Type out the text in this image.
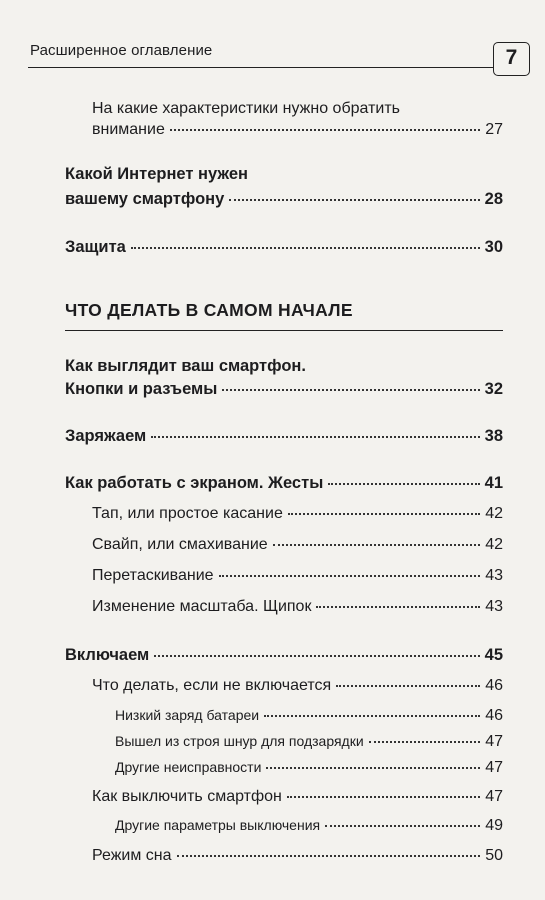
Расширенное оглавление	7
На какие характеристики нужно обратить
внимание	27
Какой Интернет нужен
вашему смартфону	28
Защита	30
ЧТО ДЕЛАТЬ В САМОМ НАЧАЛЕ
Как выглядит ваш смартфон.
Кнопки и разъемы	32
Заряжаем	38
Как работать с экраном. Жесты	41
Тап, или простое касание	42
Свайп, или смахивание	42
Перетаскивание	43
Изменение масштаба. Щипок	43
Включаем	45
Что делать, если не включается	46
Низкий заряд батареи	46
Вышел из строя шнур для подзарядки	47
Другие неисправности	47
Как выключить смартфон	47
Другие параметры выключения	49
Режим сна	50
